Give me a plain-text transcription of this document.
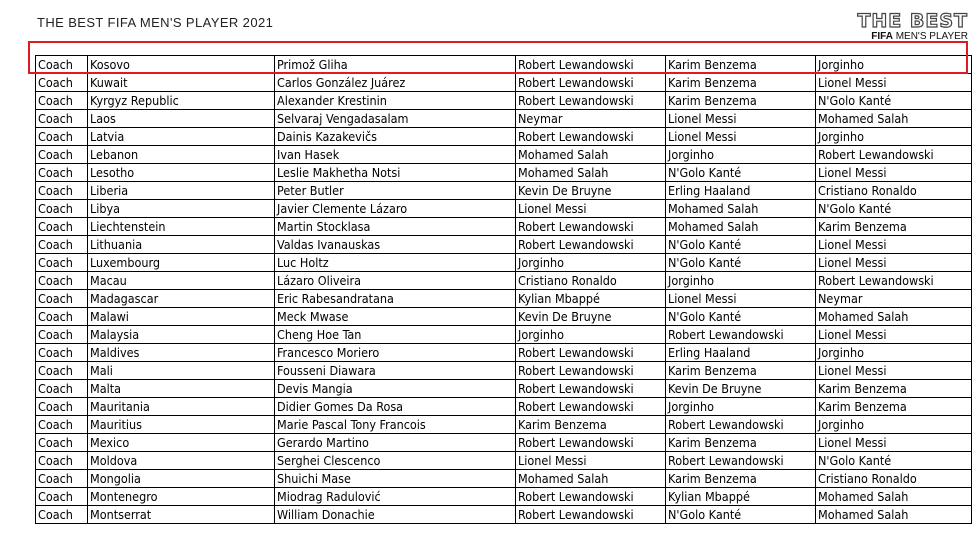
THE BEST FIFA MEN'S PLAYER 2021	THE BEST
FIFA MEN'S PLAYER
Coach	Kosovo	Primož Gliha	Robert Lewandowski	Karim Benzema	Jorginho
Coach	Kuwait	Carlos González Juárez	Robert Lewandowski	Karim Benzema	Lionel Messi
Coach	Kyrgyz Republic	Alexander Krestinin	Robert Lewandowski	Karim Benzema	N'Golo Kanté
Coach	Laos	Selvaraj Vengadasalam	Neymar	Lionel Messi	Mohamed Salah
Coach	Latvia	Dainis Kazakevičs	Robert Lewandowski	Lionel Messi	Jorginho
Coach	Lebanon	Ivan Hasek	Mohamed Salah	Jorginho	Robert Lewandowski
Coach	Lesotho	Leslie Makhetha Notsi	Mohamed Salah	N'Golo Kanté	Lionel Messi
Coach	Liberia	Peter Butler	Kevin De Bruyne	Erling Haaland	Cristiano Ronaldo
Coach	Libya	Javier Clemente Lázaro	Lionel Messi	Mohamed Salah	N'Golo Kanté
Coach	Liechtenstein	Martin Stocklasa	Robert Lewandowski	Mohamed Salah	Karim Benzema
Coach	Lithuania	Valdas Ivanauskas	Robert Lewandowski	N'Golo Kanté	Lionel Messi
Coach	Luxembourg	Luc Holtz	Jorginho	N'Golo Kanté	Lionel Messi
Coach	Macau	Lázaro Oliveira	Cristiano Ronaldo	Jorginho	Robert Lewandowski
Coach	Madagascar	Eric Rabesandratana	Kylian Mbappé	Lionel Messi	Neymar
Coach	Malawi	Meck Mwase	Kevin De Bruyne	N'Golo Kanté	Mohamed Salah
Coach	Malaysia	Cheng Hoe Tan	Jorginho	Robert Lewandowski	Lionel Messi
Coach	Maldives	Francesco Moriero	Robert Lewandowski	Erling Haaland	Jorginho
Coach	Mali	Fousseni Diawara	Robert Lewandowski	Karim Benzema	Lionel Messi
Coach	Malta	Devis Mangia	Robert Lewandowski	Kevin De Bruyne	Karim Benzema
Coach	Mauritania	Didier Gomes Da Rosa	Robert Lewandowski	Jorginho	Karim Benzema
Coach	Mauritius	Marie Pascal Tony Francois	Karim Benzema	Robert Lewandowski	Jorginho
Coach	Mexico	Gerardo Martino	Robert Lewandowski	Karim Benzema	Lionel Messi
Coach	Moldova	Serghei Clescenco	Lionel Messi	Robert Lewandowski	N'Golo Kanté
Coach	Mongolia	Shuichi Mase	Mohamed Salah	Karim Benzema	Cristiano Ronaldo
Coach	Montenegro	Miodrag Radulović	Robert Lewandowski	Kylian Mbappé	Mohamed Salah
Coach	Montserrat	William Donachie	Robert Lewandowski	N'Golo Kanté	Mohamed Salah
